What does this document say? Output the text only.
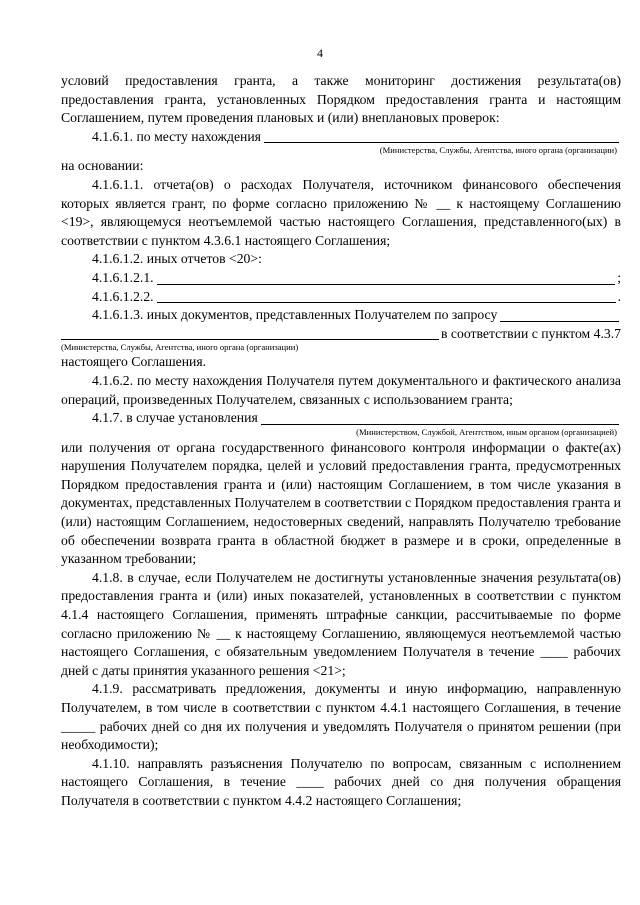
4

условий предоставления гранта, а также мониторинг достижения результата(ов) предоставления гранта, установленных Порядком предоставления гранта и настоящим Соглашением, путем проведения плановых и (или) внеплановых проверок:

4.1.6.1. по месту нахождения
(Министерства, Службы, Агентства, иного органа (организации)

на основании:

4.1.6.1.1. отчета(ов) о расходах Получателя, источником финансового обеспечения которых является грант, по форме согласно приложению № __ к настоящему Соглашению <19>, являющемуся неотъемлемой частью настоящего Соглашения, представленного(ых) в соответствии с пунктом 4.3.6.1 настоящего Соглашения;

4.1.6.1.2. иных отчетов <20>:

4.1.6.1.2.1.	;
4.1.6.1.2.2.	.
4.1.6.1.3. иных документов, представленных Получателем по запросу
в соответствии с пунктом 4.3.7
(Министерства, Службы, Агентства, иного органа (организации)

настоящего Соглашения.

4.1.6.2. по месту нахождения Получателя путем документального и фактического анализа операций, произведенных Получателем, связанных с использованием гранта;

4.1.7. в случае установления
(Министерством, Службой, Агентством, иным органом (организацией)

или получения от органа государственного финансового контроля информации о факте(ах) нарушения Получателем порядка, целей и условий предоставления гранта, предусмотренных Порядком предоставления гранта и (или) настоящим Соглашением, в том числе указания в документах, представленных Получателем в соответствии с Порядком предоставления гранта и (или) настоящим Соглашением, недостоверных сведений, направлять Получателю требование об обеспечении возврата гранта в областной бюджет в размере и в сроки, определенные в указанном требовании;

4.1.8. в случае, если Получателем не достигнуты установленные значения результата(ов) предоставления гранта и (или) иных показателей, установленных в соответствии с пунктом 4.1.4 настоящего Соглашения, применять штрафные санкции, рассчитываемые по форме согласно приложению № __ к настоящему Соглашению, являющемуся неотъемлемой частью настоящего Соглашения, с обязательным уведомлением Получателя в течение ____ рабочих дней с даты принятия указанного решения <21>;

4.1.9. рассматривать предложения, документы и иную информацию, направленную Получателем, в том числе в соответствии с пунктом 4.4.1 настоящего Соглашения, в течение _____ рабочих дней со дня их получения и уведомлять Получателя о принятом решении (при необходимости);

4.1.10. направлять разъяснения Получателю по вопросам, связанным с исполнением настоящего Соглашения, в течение ____ рабочих дней со дня получения обращения Получателя в соответствии с пунктом 4.4.2 настоящего Соглашения;
